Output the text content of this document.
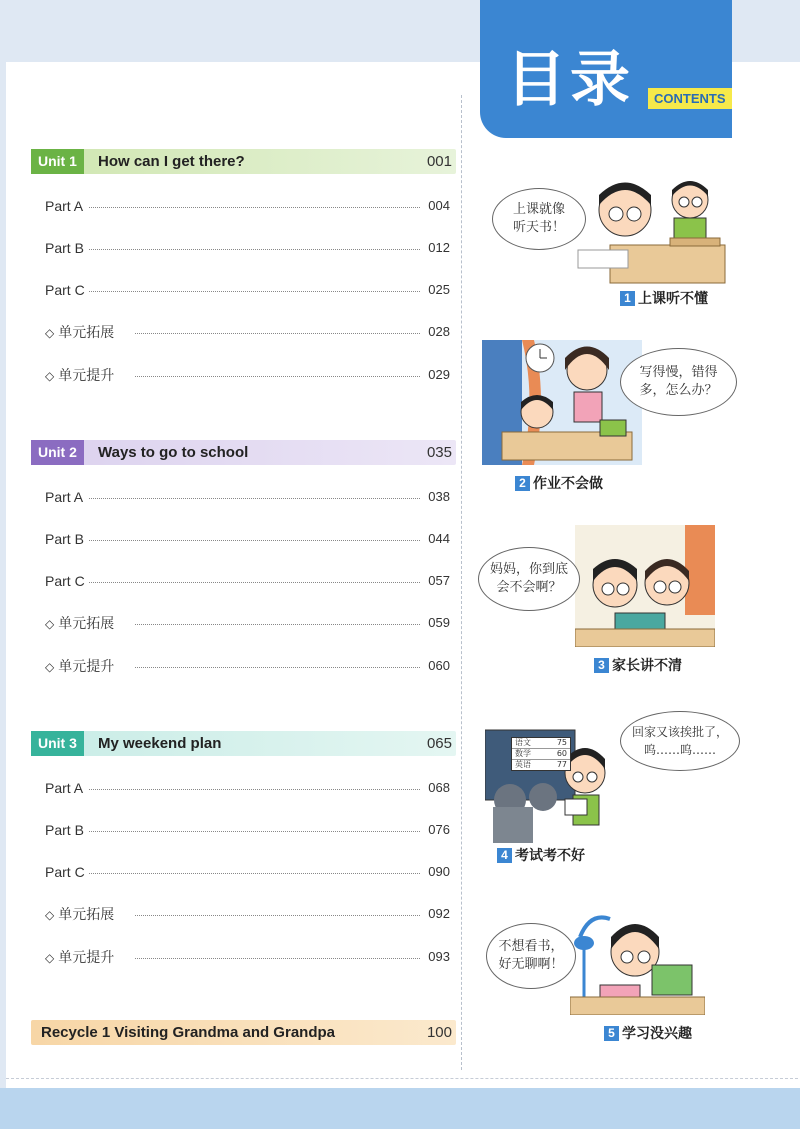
目录	CONTENTS
Unit 1	How can I get there?	001
Part A	004
Part B	012
Part C	025
◇ 单元拓展	028
◇ 单元提升	029
Unit 2	Ways to go to school	035
Part A	038
Part B	044
Part C	057
◇ 单元拓展	059
◇ 单元提升	060
Unit 3	My weekend plan	065
Part A	068
Part B	076
Part C	090
◇ 单元拓展	092
◇ 单元提升	093
Recycle 1 Visiting Grandma and Grandpa	100
上课就像
听天书！
1 上课听不懂
写得慢，错得
多，怎么办？
2 作业不会做
妈妈，你到底
会不会啊？
3 家长讲不清
语文	75
数学	60
英语	77
回家又该挨批了，
呜……呜……
4 考试考不好
不想看书，
好无聊啊！
5 学习没兴趣
